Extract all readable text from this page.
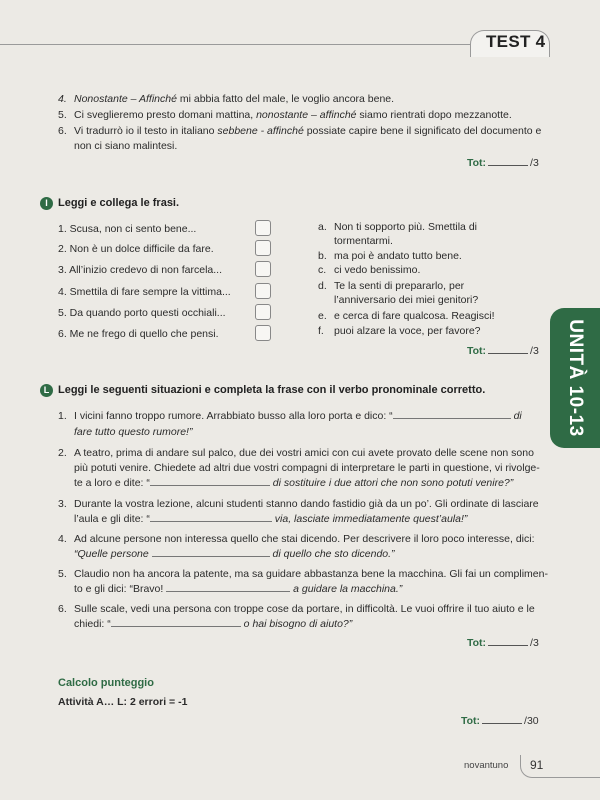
TEST 4
4. Nonostante – Affinché mi abbia fatto del male, le voglio ancora bene.
5. Ci sveglieremo presto domani mattina, nonostante – affinché siamo rientrati dopo mezzanotte.
6. Vi tradurrò io il testo in italiano sebbene - affinché possiate capire bene il significato del documento e
non ci siano malintesi.
Tot:	/3
I Leggi e collega le frasi.
1. Scusa, non ci sento bene...
2. Non è un dolce difficile da fare.
3. All’inizio credevo di non farcela...
4. Smettila di fare sempre la vittima...
5. Da quando porto questi occhiali...
6. Me ne frego di quello che pensi.
a. Non ti sopporto più. Smettila di
tormentarmi.
b. ma poi è andato tutto bene.
c. ci vedo benissimo.
d. Te la senti di prepararlo, per
l’anniversario dei miei genitori?
e. e cerca di fare qualcosa. Reagisci!
f. puoi alzare la voce, per favore?
Tot:	/3 UNITÀ 10-13
L Leggi le seguenti situazioni e completa la frase con il verbo pronominale corretto.
1. I vicini fanno troppo rumore. Arrabbiato busso alla loro porta e dico: “	di
fare tutto questo rumore!”
2. A teatro, prima di andare sul palco, due dei vostri amici con cui avete provato delle scene non sono
più potuti venire. Chiedete ad altri due vostri compagni di interpretare le parti in questione, vi rivolge-
te a loro e dite: “	di sostituire i due attori che non sono potuti venire?”
3. Durante la vostra lezione, alcuni studenti stanno dando fastidio già da un po’. Gli ordinate di lasciare
l’aula e gli dite: “	via, lasciate immediatamente quest’aula!”
4. Ad alcune persone non interessa quello che stai dicendo. Per descrivere il loro poco interesse, dici:
“Quelle persone	di quello che sto dicendo.”
5. Claudio non ha ancora la patente, ma sa guidare abbastanza bene la macchina. Gli fai un complimen-
to e gli dici: “Bravo!	a guidare la macchina.”
6. Sulle scale, vedi una persona con troppe cose da portare, in difficoltà. Le vuoi offrire il tuo aiuto e le
chiedi: “	o hai bisogno di aiuto?”
Tot:	/3
Calcolo punteggio
Attività A… L: 2 errori = -1
Tot:	/30
novantuno 91
